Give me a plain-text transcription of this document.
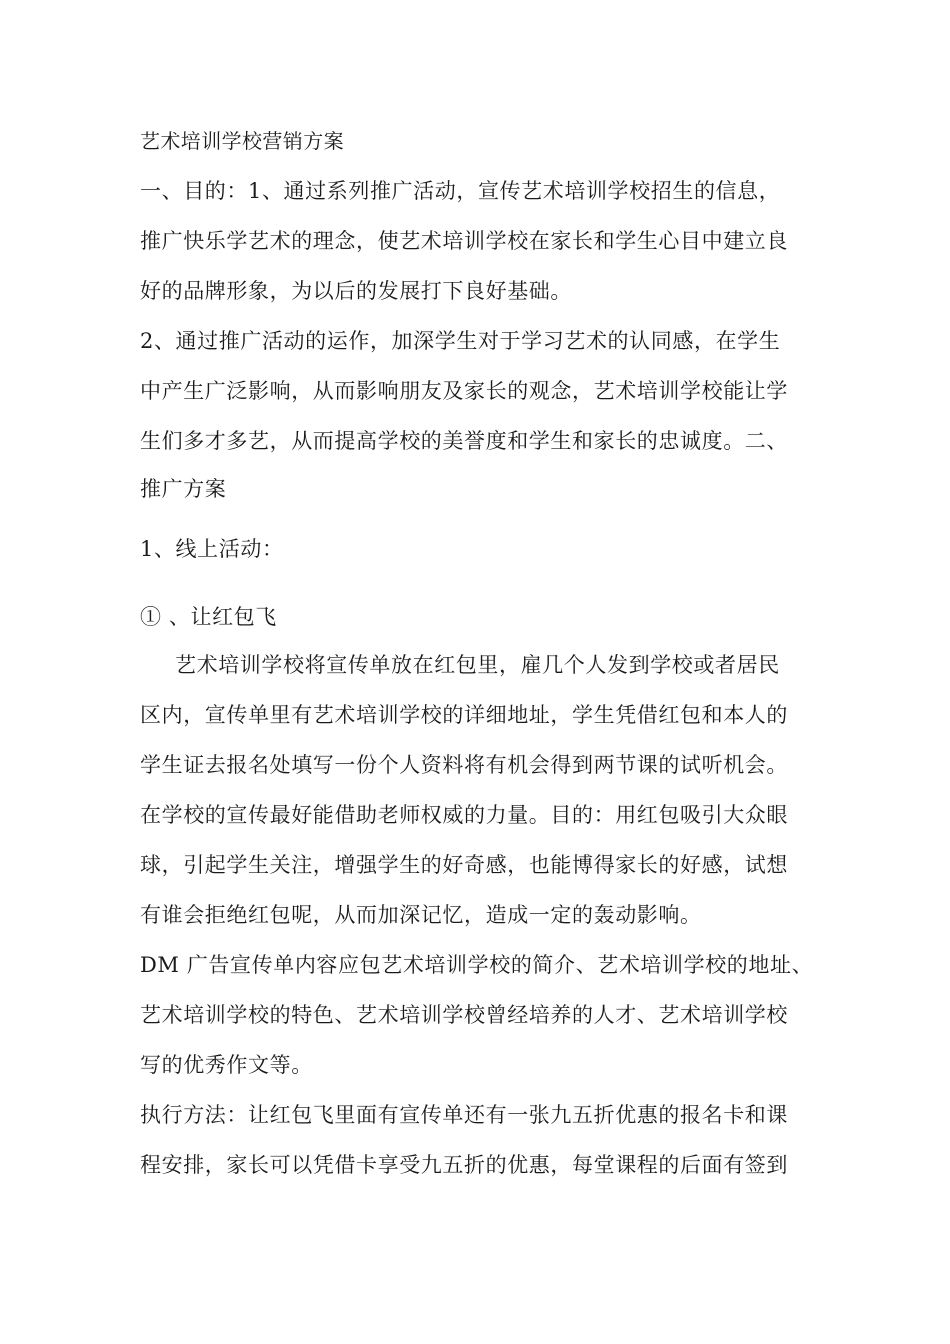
艺术培训学校营销方案
一、目的：1、通过系列推广活动，宣传艺术培训学校招生的信息，
推广快乐学艺术的理念，使艺术培训学校在家长和学生心目中建立良
好的品牌形象，为以后的发展打下良好基础。
2、通过推广活动的运作，加深学生对于学习艺术的认同感，在学生
中产生广泛影响，从而影响朋友及家长的观念，艺术培训学校能让学
生们多才多艺，从而提高学校的美誉度和学生和家长的忠诚度。二、
推广方案
1、线上活动：
① 、让红包飞
艺术培训学校将宣传单放在红包里，雇几个人发到学校或者居民
区内，宣传单里有艺术培训学校的详细地址，学生凭借红包和本人的
学生证去报名处填写一份个人资料将有机会得到两节课的试听机会。
在学校的宣传最好能借助老师权威的力量。目的：用红包吸引大众眼
球，引起学生关注，增强学生的好奇感，也能博得家长的好感，试想
有谁会拒绝红包呢，从而加深记忆，造成一定的轰动影响。
DM 广告宣传单内容应包艺术培训学校的简介、艺术培训学校的地址、
艺术培训学校的特色、艺术培训学校曾经培养的人才、艺术培训学校
写的优秀作文等。
执行方法：让红包飞里面有宣传单还有一张九五折优惠的报名卡和课
程安排，家长可以凭借卡享受九五折的优惠，每堂课程的后面有签到
